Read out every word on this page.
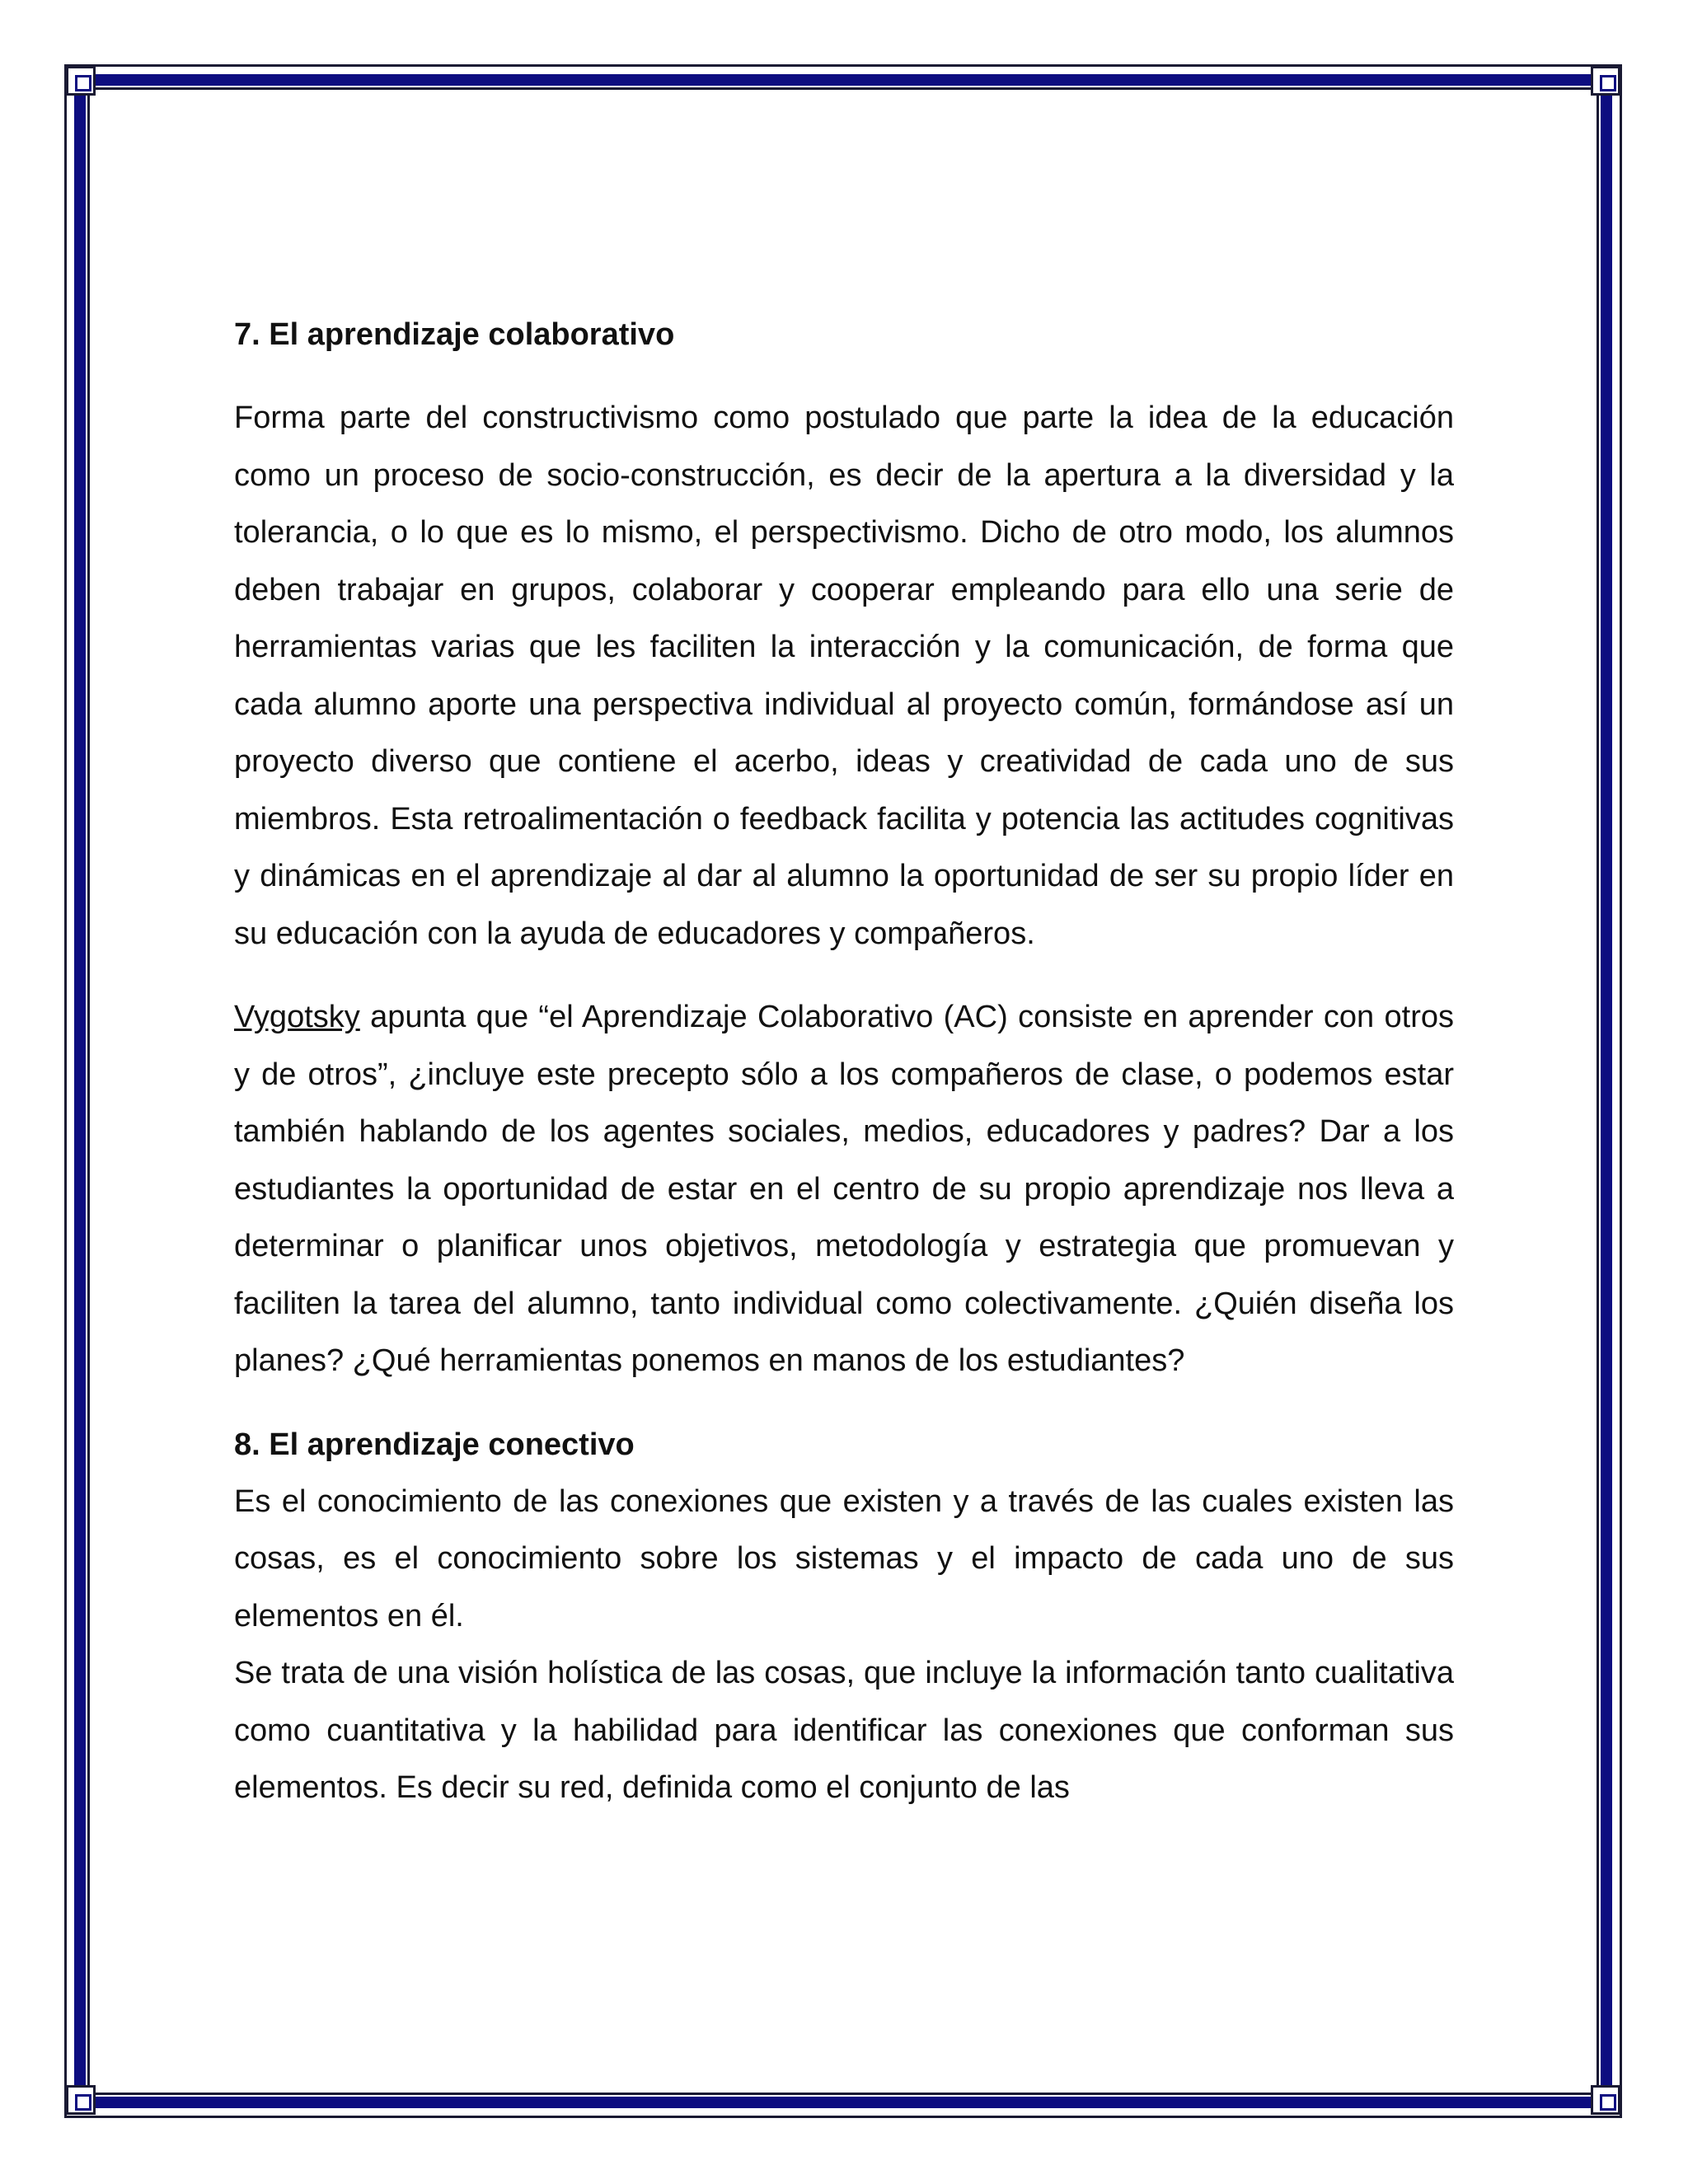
7. El aprendizaje colaborativo

Forma parte del constructivismo como postulado que parte la idea de la educación como un proceso de socio-construcción, es decir de la apertura a la diversidad y la tolerancia, o lo que es lo mismo, el perspectivismo. Dicho de otro modo, los alumnos deben trabajar en grupos, colaborar y cooperar empleando para ello una serie de herramientas varias que les faciliten la interacción y la comunicación, de forma que cada alumno aporte una perspectiva individual al proyecto común, formándose así un proyecto diverso que contiene el acerbo, ideas y creatividad de cada uno de sus miembros. Esta retroalimentación o feedback facilita y potencia las actitudes cognitivas y dinámicas en el aprendizaje al dar al alumno la oportunidad de ser su propio líder en su educación con la ayuda de educadores y compañeros.

Vygotsky apunta que “el Aprendizaje Colaborativo (AC) consiste en aprender con otros y de otros”, ¿incluye este precepto sólo a los compañeros de clase, o podemos estar también hablando de los agentes sociales, medios, educadores y padres? Dar a los estudiantes la oportunidad de estar en el centro de su propio aprendizaje nos lleva a determinar o planificar unos objetivos, metodología y estrategia que promuevan y faciliten la tarea del alumno, tanto individual como colectivamente. ¿Quién diseña los planes? ¿Qué herramientas ponemos en manos de los estudiantes?

8. El aprendizaje conectivo

Es el conocimiento de las conexiones que existen y a través de las cuales existen las cosas, es el conocimiento sobre los sistemas y el impacto de cada uno de sus elementos en él.

Se trata de una visión holística de las cosas, que incluye la información tanto cualitativa como cuantitativa y la habilidad para identificar las conexiones que conforman sus elementos. Es decir su red, definida como el conjunto de las
